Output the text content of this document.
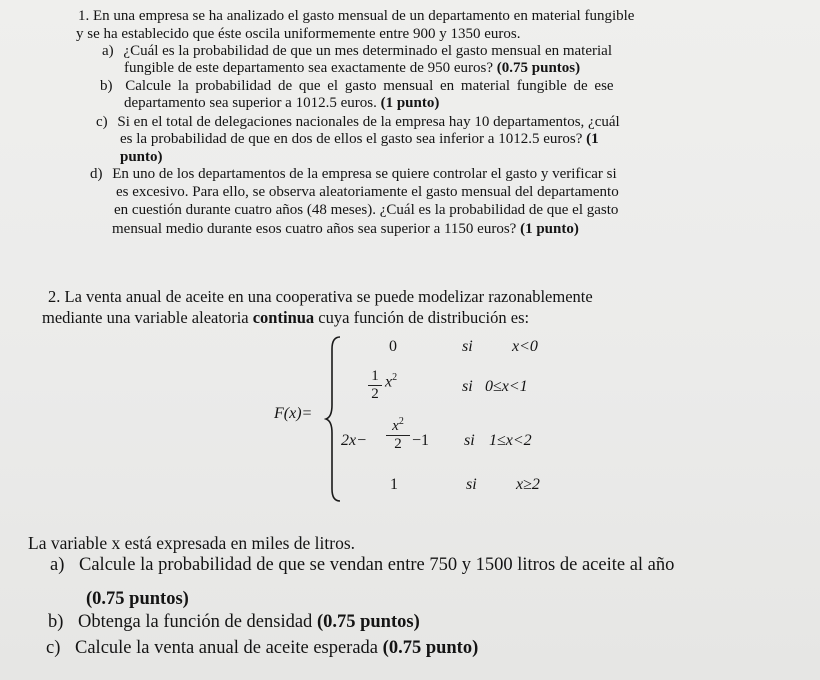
1. En una empresa se ha analizado el gasto mensual de un departamento en material fungible
y se ha establecido que éste oscila uniformemente entre 900 y 1350 euros.
a) ¿Cuál es la probabilidad de que un mes determinado el gasto mensual en material
fungible de este departamento sea exactamente de 950 euros? (0.75 puntos)
b) Calcule la probabilidad de que el gasto mensual en material fungible de ese
departamento sea superior a 1012.5 euros. (1 punto)
c) Si en el total de delegaciones nacionales de la empresa hay 10 departamentos, ¿cuál
es la probabilidad de que en dos de ellos el gasto sea inferior a 1012.5 euros? (1
punto)
d) En uno de los departamentos de la empresa se quiere controlar el gasto y verificar si
es excesivo. Para ello, se observa aleatoriamente el gasto mensual del departamento
en cuestión durante cuatro años (48 meses). ¿Cuál es la probabilidad de que el gasto
mensual medio durante esos cuatro años sea superior a 1150 euros? (1 punto)
2. La venta anual de aceite en una cooperativa se puede modelizar razonablemente
mediante una variable aleatoria continua cuya función de distribución es:
F(x)=
0	si x<0
1
2
$x^2$
si 0≤x<1
2x−
$x^2$
2 −1 si 1≤x<2
1	si x≥2
La variable x está expresada en miles de litros.
a) Calcule la probabilidad de que se vendan entre 750 y 1500 litros de aceite al año
(0.75 puntos)
b) Obtenga la función de densidad (0.75 puntos)
c) Calcule la venta anual de aceite esperada (0.75 punto)
